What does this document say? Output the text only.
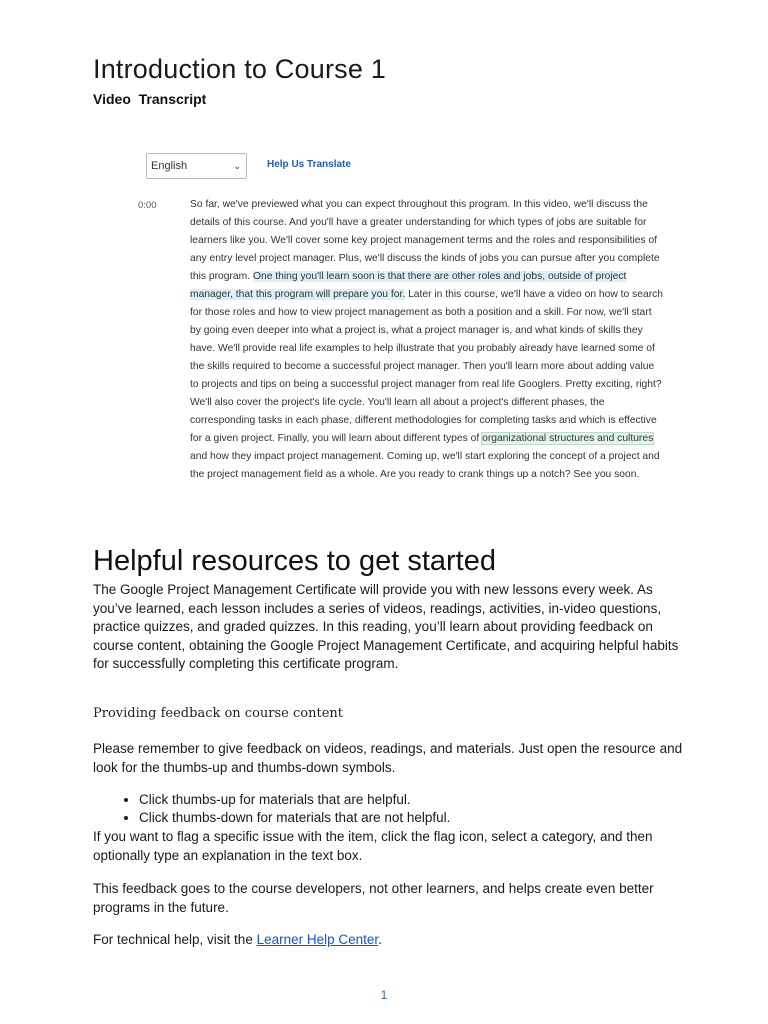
Introduction to Course 1
Video  Transcript
English	⌄	Help Us Translate
0:00	So far, we've previewed what you can expect throughout this program. In this video, we'll discuss the details of this course. And you'll have a greater understanding for which types of jobs are suitable for learners like you. We'll cover some key project management terms and the roles and responsibilities of any entry level project manager. Plus, we'll discuss the kinds of jobs you can pursue after you complete this program. One thing you'll learn soon is that there are other roles and jobs, outside of project manager, that this program will prepare you for. Later in this course, we'll have a video on how to search for those roles and how to view project management as both a position and a skill. For now, we'll start by going even deeper into what a project is, what a project manager is, and what kinds of skills they have. We'll provide real life examples to help illustrate that you probably already have learned some of the skills required to become a successful project manager. Then you'll learn more about adding value to projects and tips on being a successful project manager from real life Googlers. Pretty exciting, right? We'll also cover the project's life cycle. You'll learn all about a project's different phases, the corresponding tasks in each phase, different methodologies for completing tasks and which is effective for a given project. Finally, you will learn about different types of organizational structures and cultures and how they impact project management. Coming up, we'll start exploring the concept of a project and the project management field as a whole. Are you ready to crank things up a notch? See you soon.

Helpful resources to get started

The Google Project Management Certificate will provide you with new lessons every week. As you’ve learned, each lesson includes a series of videos, readings, activities, in-video questions, practice quizzes, and graded quizzes. In this reading, you’ll learn about providing feedback on course content, obtaining the Google Project Management Certificate, and acquiring helpful habits for successfully completing this certificate program.

Providing feedback on course content

Please remember to give feedback on videos, readings, and materials. Just open the resource and look for the thumbs-up and thumbs-down symbols.

• Click thumbs-up for materials that are helpful.
• Click thumbs-down for materials that are not helpful.

If you want to flag a specific issue with the item, click the flag icon, select a category, and then optionally type an explanation in the text box.

This feedback goes to the course developers, not other learners, and helps create even better programs in the future.

For technical help, visit the Learner Help Center.

1
